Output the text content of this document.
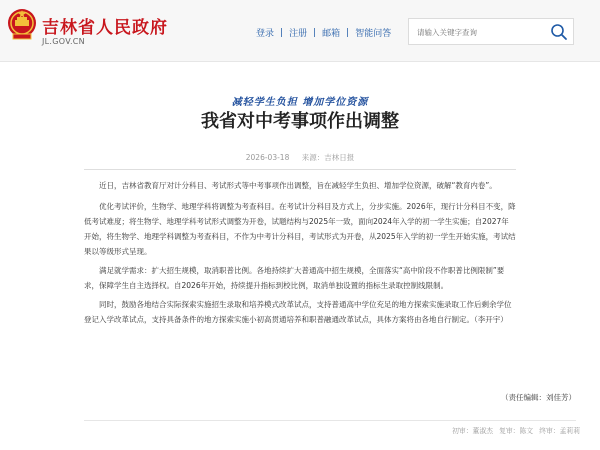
吉林省人民政府
JL.GOV.CN
登录 | 注册 | 邮箱 | 智能问答
请输入关键字查询
减轻学生负担 增加学位资源
我省对中考事项作出调整
2026-03-18 来源：吉林日报

近日，吉林省教育厅对计分科目、考试形式等中考事项作出调整，旨在减轻学生负担、增加学位资源，破解“教育内卷”。

优化考试评价，生物学、地理学科将调整为考查科目。在考试计分科目及方式上，分步实施。2026年，现行计分科目不变，降低考试难度；将生物学、地理学科考试形式调整为开卷，试题结构与2025年一致，面向2024年入学的初一学生实施；自2027年开始，将生物学、地理学科调整为考查科目，不作为中考计分科目，考试形式为开卷，从2025年入学的初一学生开始实施，考试结果以等级形式呈现。

满足就学需求：扩大招生规模，取消职普比例。各地持续扩大普通高中招生规模，全面落实“高中阶段不作职普比例限制”要求，保障学生自主选择权。自2026年开始，持续提升指标到校比例，取消单独设置的指标生录取控制线限制。

同时，鼓励各地结合实际探索实施招生录取和培养模式改革试点，支持普通高中学位充足的地方探索实施录取工作后剩余学位登记入学改革试点，支持具备条件的地方探索实施小初高贯通培养和职普融通改革试点，具体方案将由各地自行制定。（李开宇）

（责任编辑：刘佳芳）
初审：董淑杰 复审：陈文 终审：孟莉莉
